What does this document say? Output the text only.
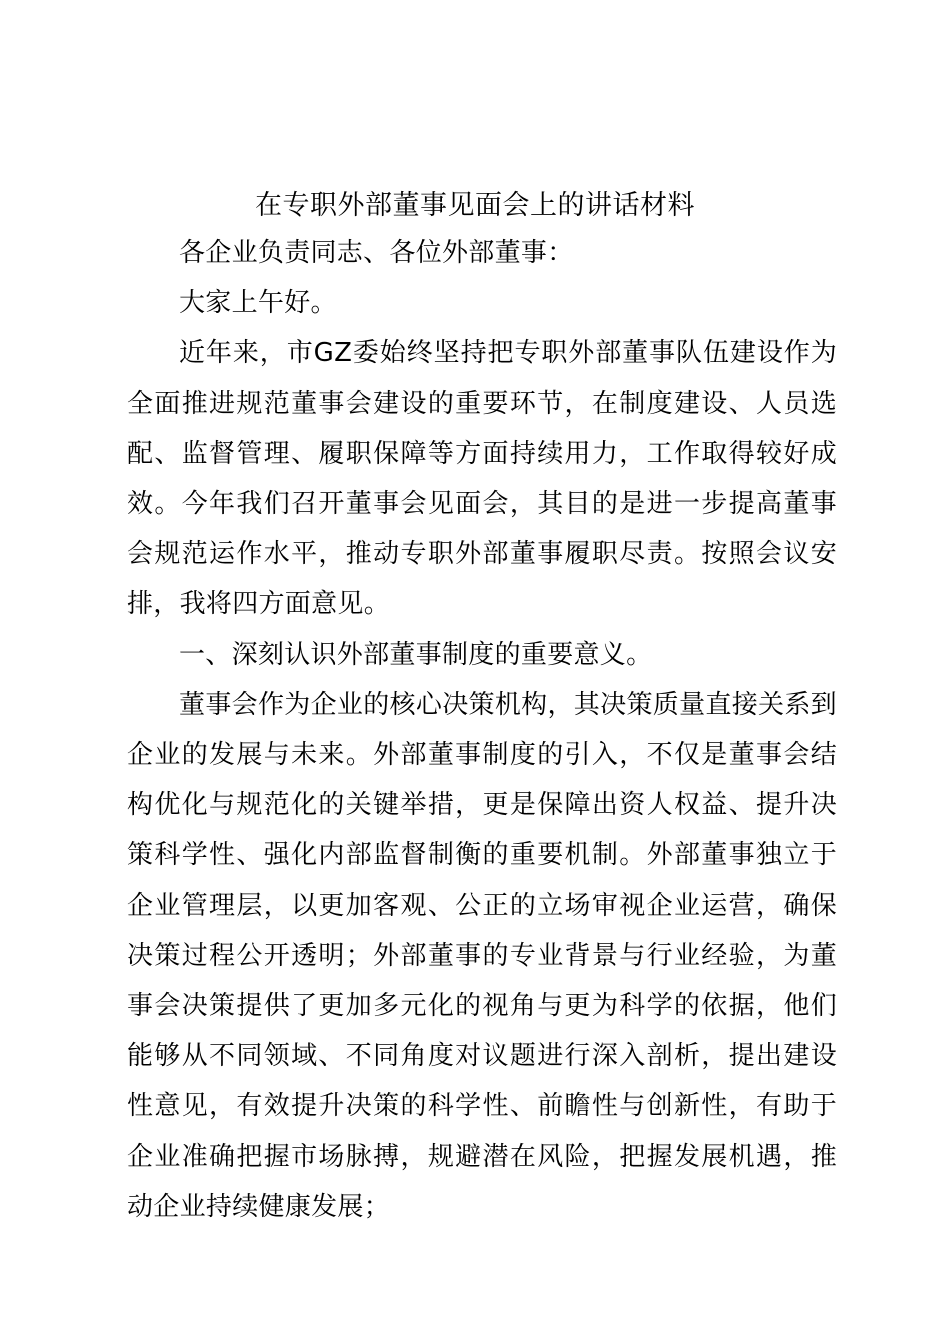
在专职外部董事见面会上的讲话材料

各企业负责同志、各位外部董事：

大家上午好。

近年来，市GZ委始终坚持把专职外部董事队伍建设作为全面推进规范董事会建设的重要环节，在制度建设、人员选配、监督管理、履职保障等方面持续用力，工作取得较好成效。今年我们召开董事会见面会，其目的是进一步提高董事会规范运作水平，推动专职外部董事履职尽责。按照会议安排，我将四方面意见。

一、深刻认识外部董事制度的重要意义。

董事会作为企业的核心决策机构，其决策质量直接关系到企业的发展与未来。外部董事制度的引入，不仅是董事会结构优化与规范化的关键举措，更是保障出资人权益、提升决策科学性、强化内部监督制衡的重要机制。外部董事独立于企业管理层，以更加客观、公正的立场审视企业运营，确保决策过程公开透明；外部董事的专业背景与行业经验，为董事会决策提供了更加多元化的视角与更为科学的依据，他们能够从不同领域、不同角度对议题进行深入剖析，提出建设性意见，有效提升决策的科学性、前瞻性与创新性，有助于企业准确把握市场脉搏，规避潜在风险，把握发展机遇，推动企业持续健康发展；
